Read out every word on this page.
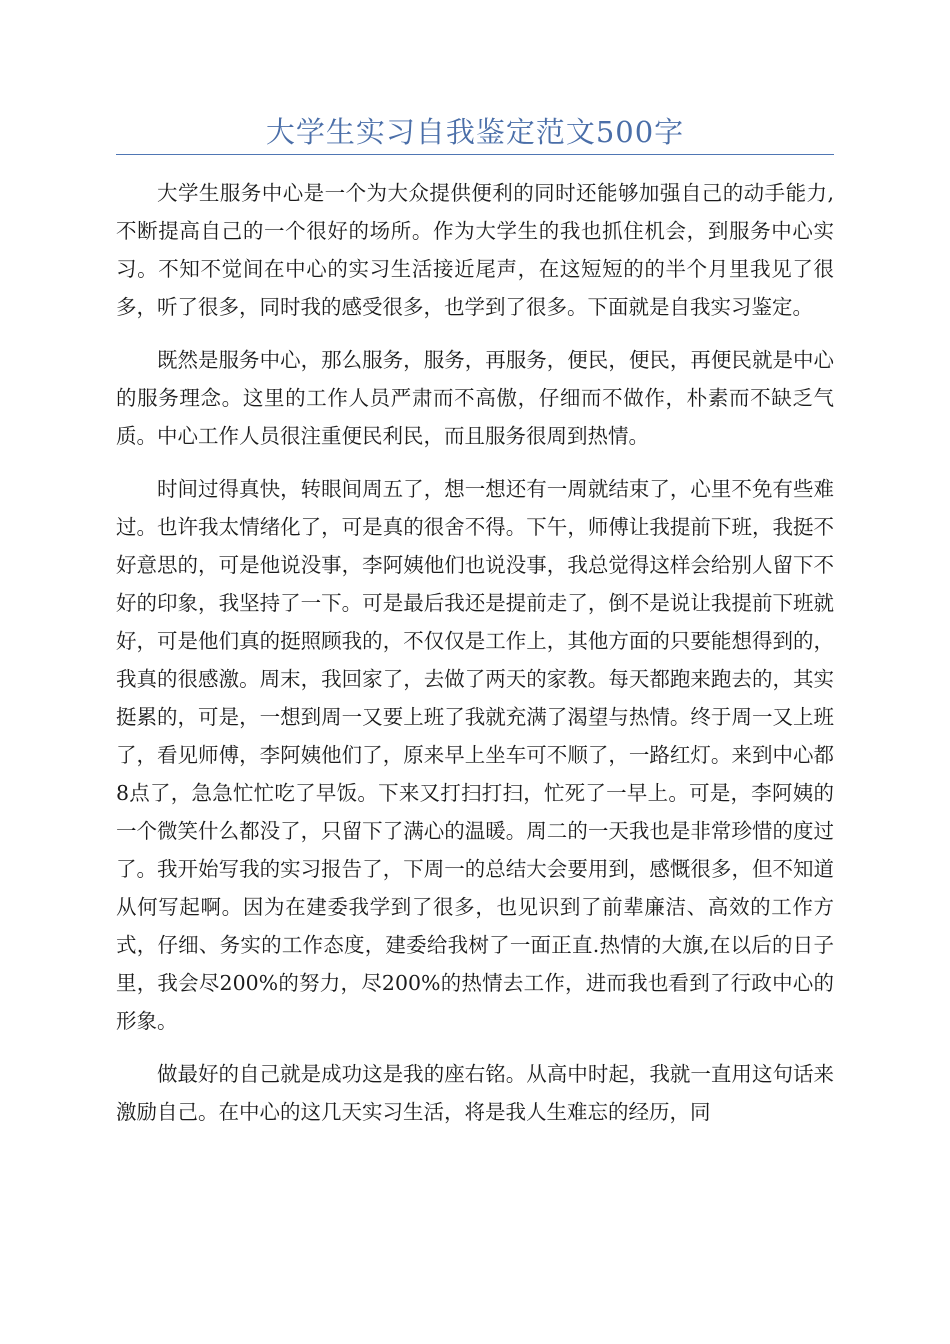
大学生实习自我鉴定范文500字

大学生服务中心是一个为大众提供便利的同时还能够加强自己的动手能力,不断提高自己的一个很好的场所。作为大学生的我也抓住机会，到服务中心实习。不知不觉间在中心的实习生活接近尾声，在这短短的的半个月里我见了很多，听了很多，同时我的感受很多，也学到了很多。下面就是自我实习鉴定。

既然是服务中心，那么服务，服务，再服务，便民，便民，再便民就是中心的服务理念。这里的工作人员严肃而不高傲，仔细而不做作，朴素而不缺乏气质。中心工作人员很注重便民利民，而且服务很周到热情。

时间过得真快，转眼间周五了，想一想还有一周就结束了，心里不免有些难过。也许我太情绪化了，可是真的很舍不得。下午，师傅让我提前下班，我挺不好意思的，可是他说没事，李阿姨他们也说没事，我总觉得这样会给别人留下不好的印象，我坚持了一下。可是最后我还是提前走了，倒不是说让我提前下班就好，可是他们真的挺照顾我的，不仅仅是工作上，其他方面的只要能想得到的，我真的很感激。周末，我回家了，去做了两天的家教。每天都跑来跑去的，其实挺累的，可是，一想到周一又要上班了我就充满了渴望与热情。终于周一又上班了，看见师傅，李阿姨他们了，原来早上坐车可不顺了，一路红灯。来到中心都8点了，急急忙忙吃了早饭。下来又打扫打扫，忙死了一早上。可是，李阿姨的一个微笑什么都没了，只留下了满心的温暖。周二的一天我也是非常珍惜的度过了。我开始写我的实习报告了，下周一的总结大会要用到，感慨很多，但不知道从何写起啊。因为在建委我学到了很多，也见识到了前辈廉洁、高效的工作方式，仔细、务实的工作态度，建委给我树了一面正直.热情的大旗,在以后的日子里，我会尽200%的努力，尽200%的热情去工作，进而我也看到了行政中心的形象。

做最好的自己就是成功这是我的座右铭。从高中时起，我就一直用这句话来激励自己。在中心的这几天实习生活，将是我人生难忘的经历，同
